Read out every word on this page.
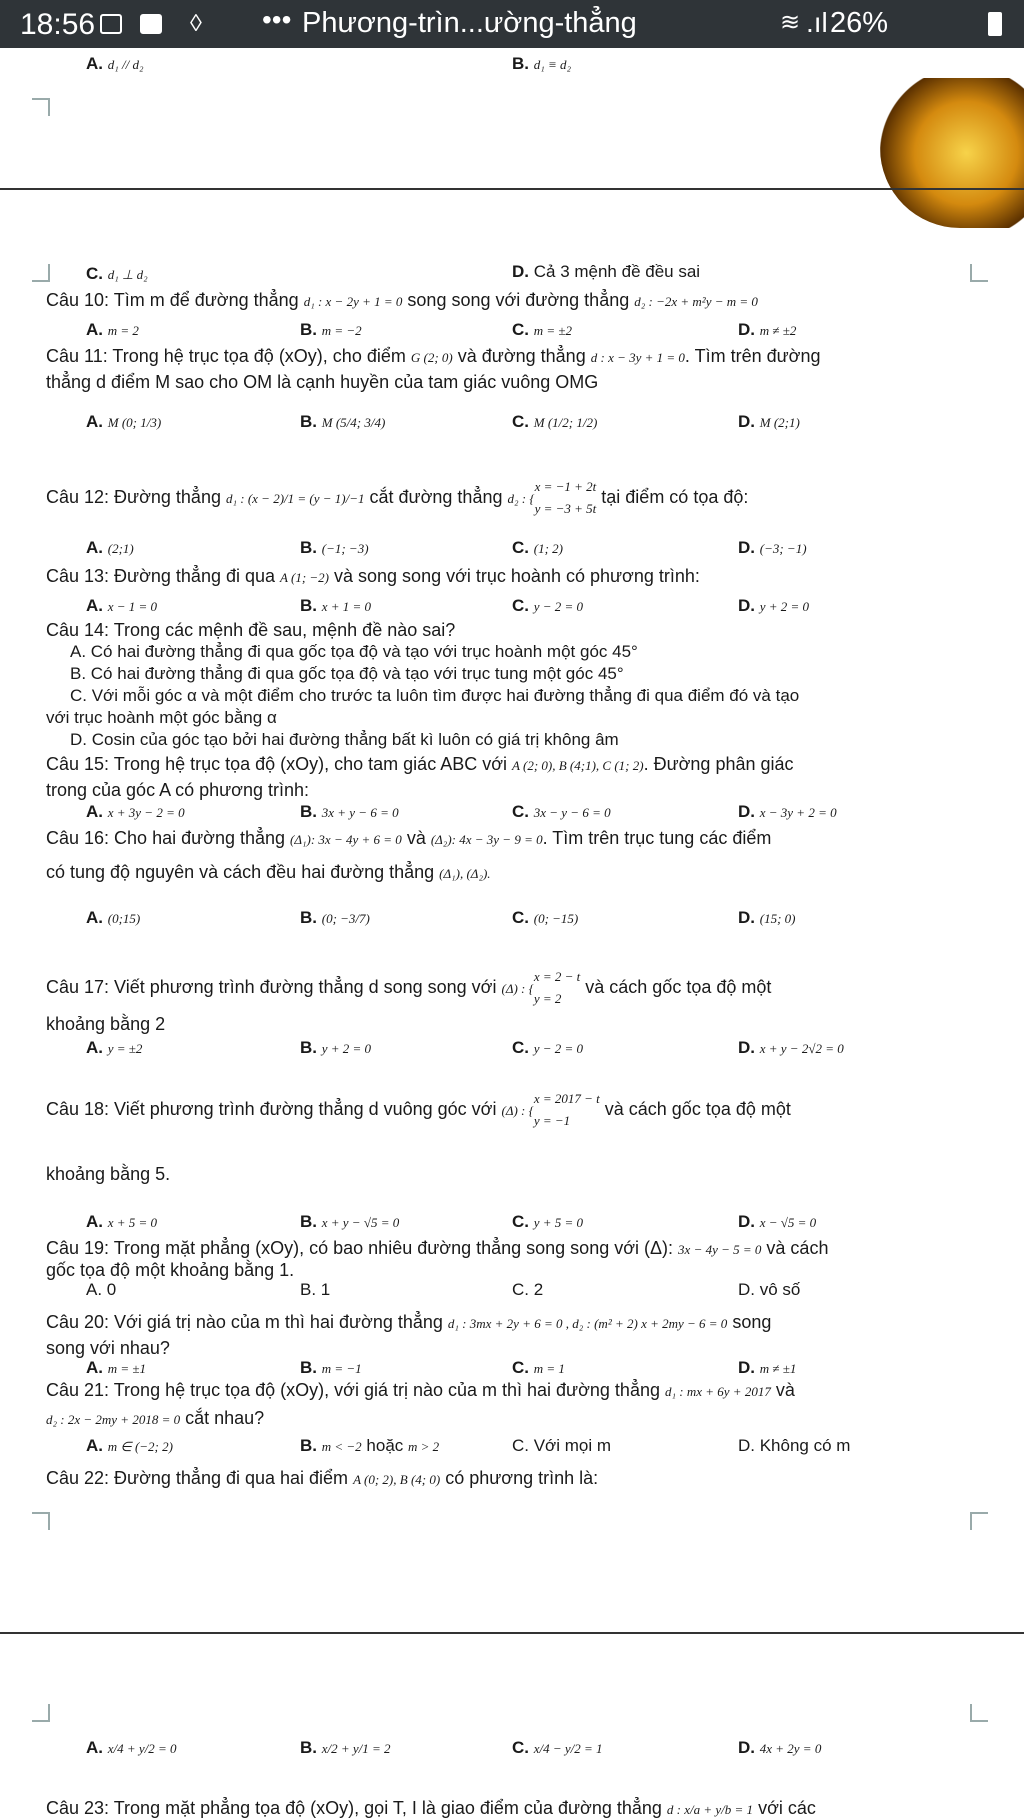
18:56	◊ ••• Phương-trìn...ường-thẳng	≋ .ıl 26%
A. d₁ // d₂	B. d₁ ≡ d₂
C. d₁ ⊥ d₂	D. Cả 3 mệnh đề đều sai
Câu 10: Tìm m để đường thẳng d₁ : x − 2y + 1 = 0 song song với đường thẳng d₂ : −2x + m²y − m = 0
A. m = 2	B. m = −2	C. m = ±2	D. m ≠ ±2
Câu 11: Trong hệ trục tọa độ (xOy), cho điểm G (2; 0) và đường thẳng d : x − 3y + 1 = 0. Tìm trên đường
thẳng d điểm M sao cho OM là cạnh huyền của tam giác vuông OMG
A. M (0; 1/3)	B. M (5/4; 3/4)	C. M (1/2; 1/2)	D. M (2;1)
Câu 12: Đường thẳng d₁ : (x − 2)/1 = (y − 1)/−1 cắt đường thẳng d₂ : {
x = −1 + 2t
y = −3 + 5t
tại điểm có tọa độ:
A. (2;1)	B. (−1; −3)	C. (1; 2)	D. (−3; −1)
Câu 13: Đường thẳng đi qua A (1; −2) và song song với trục hoành có phương trình:
A. x − 1 = 0	B. x + 1 = 0	C. y − 2 = 0	D. y + 2 = 0
Câu 14: Trong các mệnh đề sau, mệnh đề nào sai?
A. Có hai đường thẳng đi qua gốc tọa độ và tạo với trục hoành một góc 45°
B. Có hai đường thẳng đi qua gốc tọa độ và tạo với trục tung một góc 45°
C. Với mỗi góc α và một điểm cho trước ta luôn tìm được hai đường thẳng đi qua điểm đó và tạo
với trục hoành một góc bằng α
D. Cosin của góc tạo bởi hai đường thẳng bất kì luôn có giá trị không âm
Câu 15: Trong hệ trục tọa độ (xOy), cho tam giác ABC với A (2; 0), B (4;1), C (1; 2). Đường phân giác
trong của góc A có phương trình:
A. x + 3y − 2 = 0	B. 3x + y − 6 = 0	C. 3x − y − 6 = 0	D. x − 3y + 2 = 0
Câu 16: Cho hai đường thẳng (Δ₁): 3x − 4y + 6 = 0 và (Δ₂): 4x − 3y − 9 = 0. Tìm trên trục tung các điểm
có tung độ nguyên và cách đều hai đường thẳng (Δ₁), (Δ₂).
A. (0;15)	B. (0; −3/7)	C. (0; −15)	D. (15; 0)
Câu 17: Viết phương trình đường thẳng d song song với (Δ) : {
x = 2 − t
y = 2
và cách gốc tọa độ một
khoảng bằng 2
A. y = ±2	B. y + 2 = 0	C. y − 2 = 0	D. x + y − 2√2 = 0
Câu 18: Viết phương trình đường thẳng d vuông góc với (Δ) : {
x = 2017 − t
y = −1
và cách gốc tọa độ một
khoảng bằng 5.
A. x + 5 = 0	B. x + y − √5 = 0	C. y + 5 = 0	D. x − √5 = 0
Câu 19: Trong mặt phẳng (xOy), có bao nhiêu đường thẳng song song với (Δ): 3x − 4y − 5 = 0 và cách
gốc tọa độ một khoảng bằng 1.
A. 0	B. 1	C. 2	D. vô số
Câu 20: Với giá trị nào của m thì hai đường thẳng d₁ : 3mx + 2y + 6 = 0 , d₂ : (m² + 2) x + 2my − 6 = 0 song
song với nhau?
A. m = ±1	B. m = −1	C. m = 1	D. m ≠ ±1
Câu 21: Trong hệ trục tọa độ (xOy), với giá trị nào của m thì hai đường thẳng d₁ : mx + 6y + 2017 và
d₂ : 2x − 2my + 2018 = 0 cắt nhau?
A. m ∈ (−2; 2)	B. m < −2 hoặc m > 2	C. Với mọi m	D. Không có m
Câu 22: Đường thẳng đi qua hai điểm A (0; 2), B (4; 0) có phương trình là:
A. x/4 + y/2 = 0	B. x/2 + y/1 = 2	C. x/4 − y/2 = 1	D. 4x + 2y = 0
Câu 23: Trong mặt phẳng tọa độ (xOy), gọi T, I là giao điểm của đường thẳng d : x/a + y/b = 1 với các
